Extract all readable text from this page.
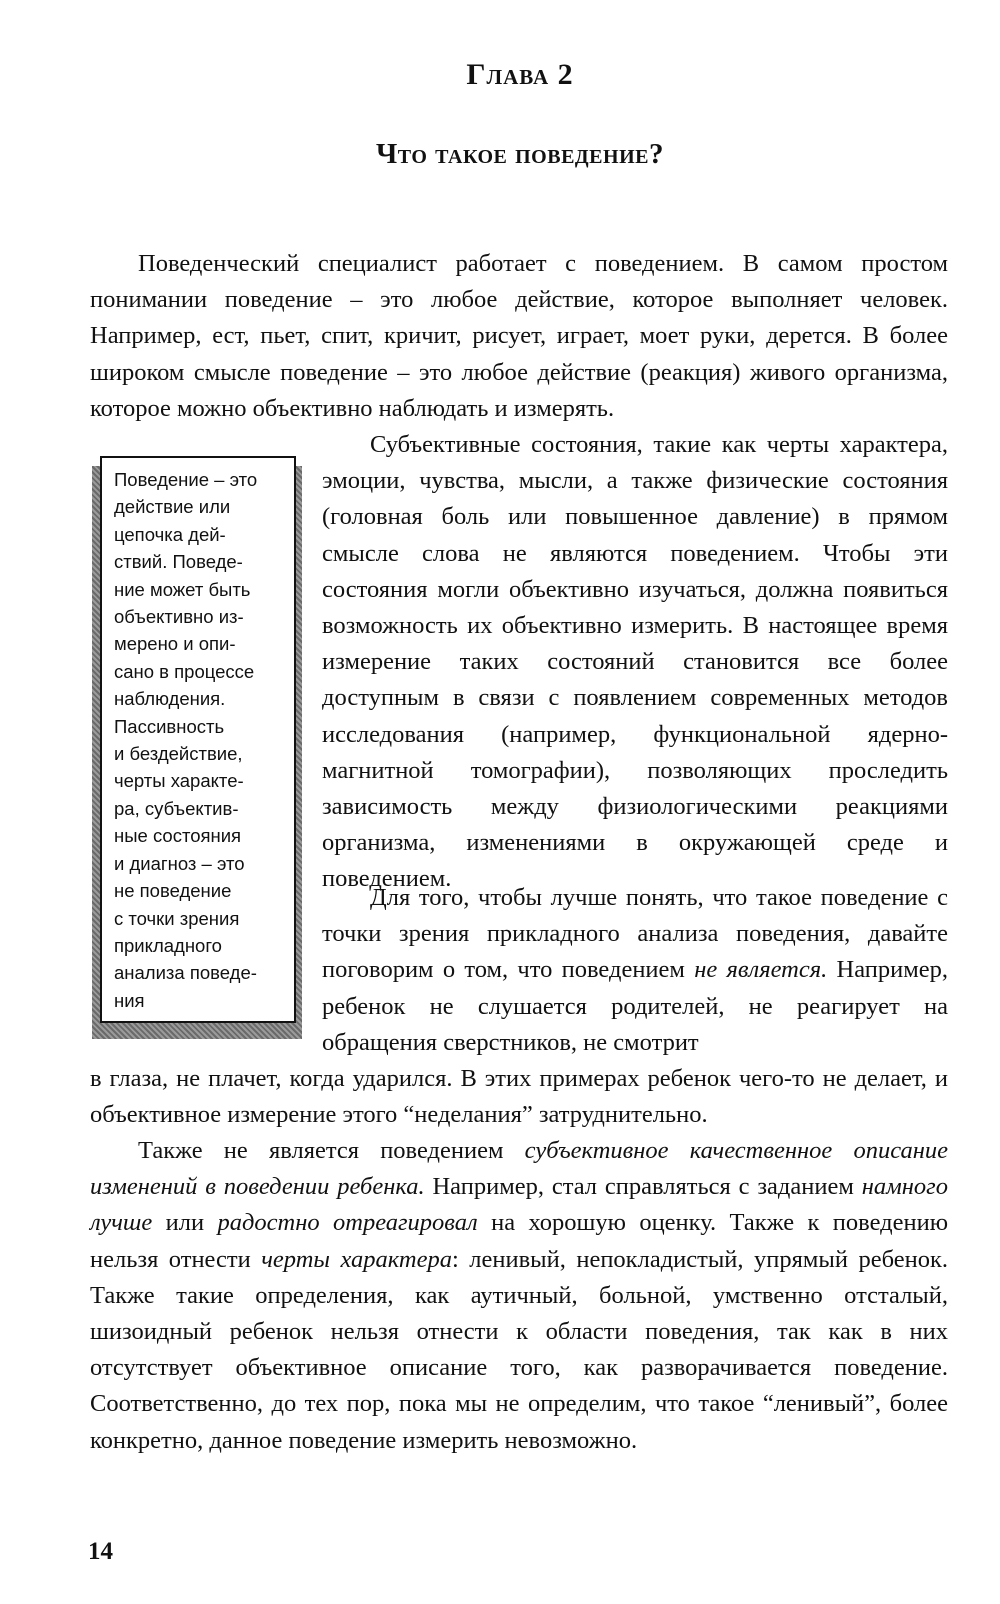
Глава 2
Что такое поведение?

Поведенческий специалист работает с поведением. В самом простом понимании поведение – это любое действие, которое выполняет человек. Например, ест, пьет, спит, кричит, рисует, играет, моет руки, дерется. В более широком смысле поведение – это любое действие (реакция) живого организма, которое можно объективно наблюдать и измерять.

Поведение – это
действие или
цепочка дей-
ствий. Поведе-
ние может быть
объективно из-
мерено и опи-
сано в процессе
наблюдения.
Пассивность
и бездействие,
черты характе-
ра, субъектив-
ные состояния
и диагноз – это
не поведение
с точки зрения
прикладного
анализа поведе-
ния

Субъективные состояния, такие как черты характера, эмоции, чувства, мысли, а также физические состояния (головная боль или повышенное давление) в прямом смысле слова не являются поведением. Чтобы эти состояния могли объективно изучаться, должна появиться возможность их объективно измерить. В настоящее время измерение таких состояний становится все более доступным в связи с появлением современных методов исследования (например, функциональной ядерно-магнитной томографии), позволяющих проследить зависимость между физиологическими реакциями организма, изменениями в окружающей среде и поведением.

Для того, чтобы лучше понять, что такое поведение с точки зрения прикладного анализа поведения, давайте поговорим о том, что поведением не является. Например, ребенок не слушается родителей, не реагирует на обращения сверстников, не смотрит

в глаза, не плачет, когда ударился. В этих примерах ребенок чего-то не делает, и объективное измерение этого “неделания” затруднительно.

Также не является поведением субъективное качественное описание изменений в поведении ребенка. Например, стал справляться с заданием намного лучше или радостно отреагировал на хорошую оценку. Также к поведению нельзя отнести черты характера: ленивый, непокладистый, упрямый ребенок. Также такие определения, как аутичный, больной, умственно отсталый, шизоидный ребенок нельзя отнести к области поведения, так как в них отсутствует объективное описание того, как разворачивается поведение. Соответственно, до тех пор, пока мы не определим, что такое “ленивый”, более конкретно, данное поведение измерить невозможно.

14
